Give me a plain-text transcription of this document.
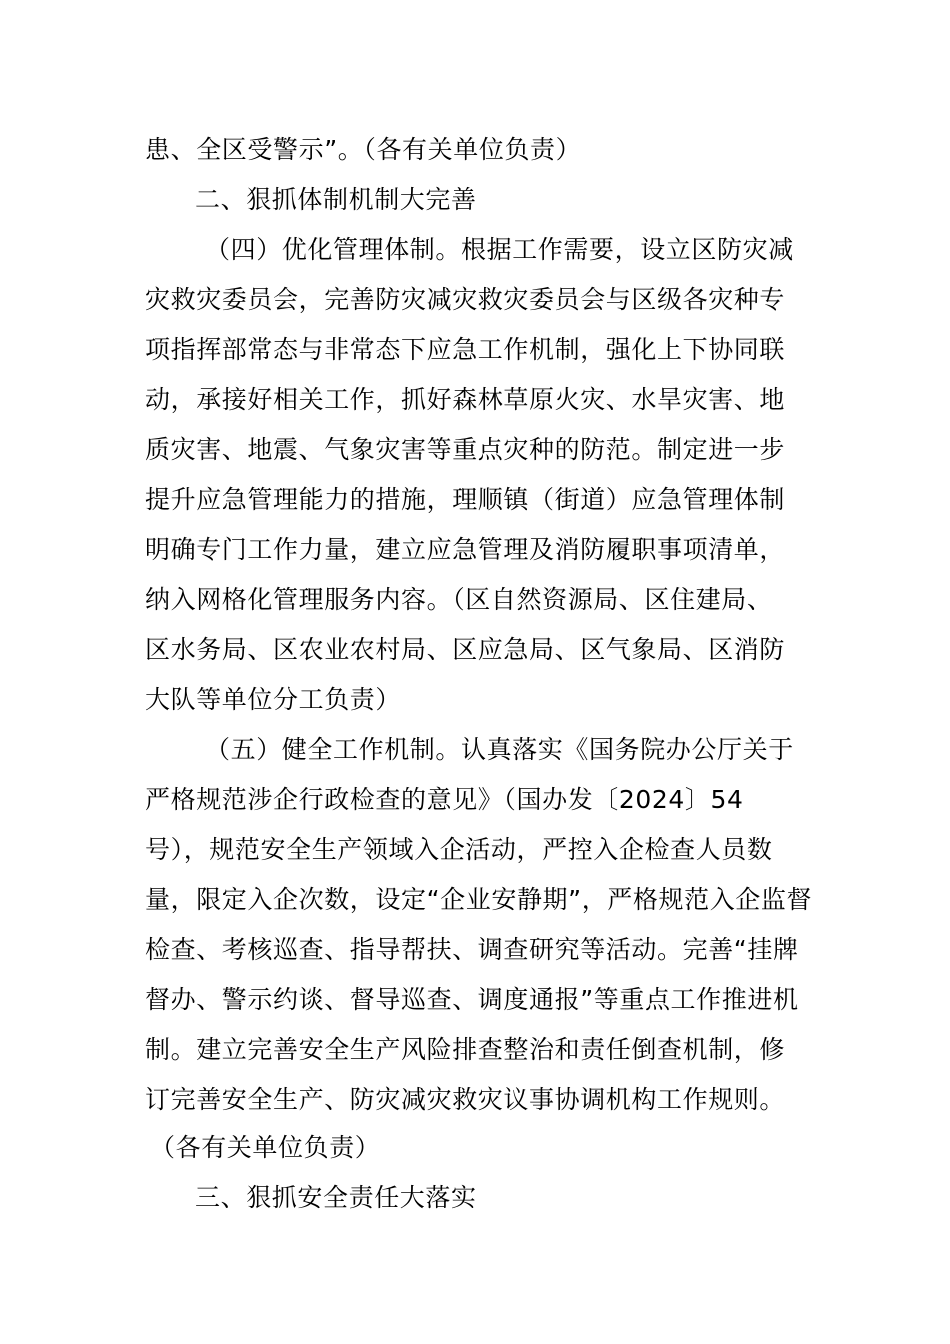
患、全区受警示”。（各有关单位负责）
二、狠抓体制机制大完善
（四）优化管理体制。根据工作需要，设立区防灾减
灾救灾委员会，完善防灾减灾救灾委员会与区级各灾种专
项指挥部常态与非常态下应急工作机制，强化上下协同联
动，承接好相关工作，抓好森林草原火灾、水旱灾害、地
质灾害、地震、气象灾害等重点灾种的防范。制定进一步
提升应急管理能力的措施，理顺镇（街道）应急管理体制
明确专门工作力量，建立应急管理及消防履职事项清单，
纳入网格化管理服务内容。（区自然资源局、区住建局、
区水务局、区农业农村局、区应急局、区气象局、区消防
大队等单位分工负责）
（五）健全工作机制。认真落实《国务院办公厅关于
严格规范涉企行政检查的意见》（国办发〔2024〕54
号），规范安全生产领域入企活动，严控入企检查人员数
量，限定入企次数，设定“企业安静期”，严格规范入企监督
检查、考核巡查、指导帮扶、调查研究等活动。完善“挂牌
督办、警示约谈、督导巡查、调度通报”等重点工作推进机
制。建立完善安全生产风险排查整治和责任倒查机制，修
订完善安全生产、防灾减灾救灾议事协调机构工作规则。
（各有关单位负责）
三、狠抓安全责任大落实
